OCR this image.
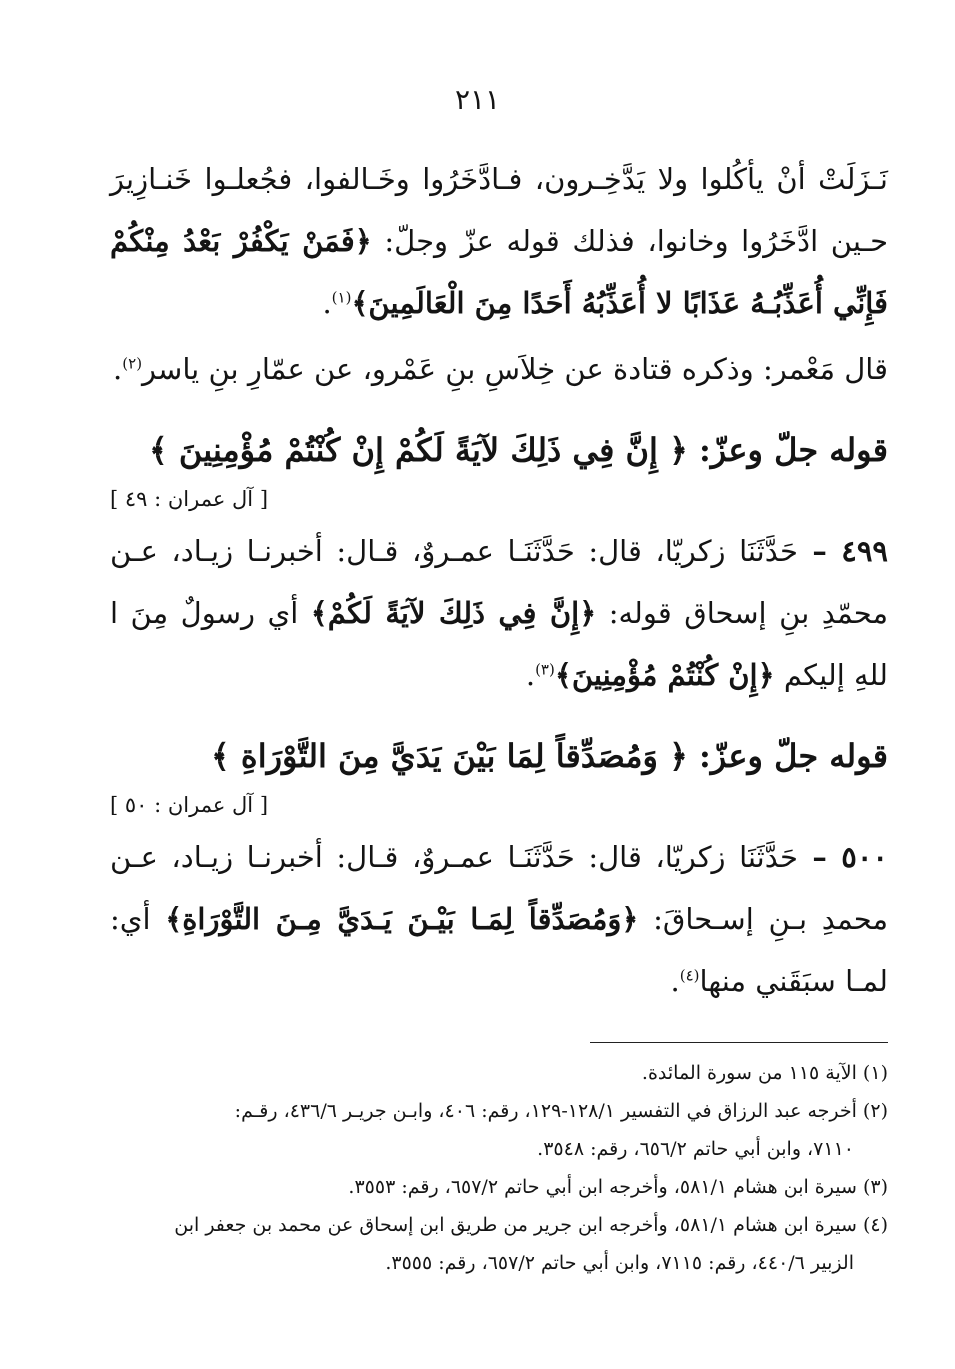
٢١١

نَـزَلَتْ أنْ يأكُلوا ولا يَدَّخِـرون، فـادَّخَرُوا وخَـالفوا، فجُعلـوا خَنـازِيرَ حـين ادَّخَرُوا وخانوا، فذلك قوله عزّ وجلّ: ﴿فَمَنْ يَكْفُرْ بَعْدُ مِنْكُمْ فَإِنِّي أُعَذِّبُـهُ عَذَابًا لا أُعَذِّبُهُ أَحَدًا مِنَ الْعَالَمِينَ﴾$^{(١)}$.

قال مَعْمر: وذكره قتادة عن خِلاَسِ بنِ عَمْرو، عن عمّارِ بنِ ياسر$^{(٢)}$.

قوله جلّ وعزّ: ﴿ إِنَّ فِي ذَلِكَ لآيَةً لَكُمْ إِنْ كُنْتُمْ مُؤْمِنِينَ ﴾
[ آل عمران : ٤٩ ]

٤٩٩ – حَدَّثَنَا زكريّا، قال: حَدَّثَنَـا عمـروٌ، قـال: أخبرنـا زيـاد، عـن محمّدِ بنِ إسحاق قوله: ﴿إِنَّ فِي ذَلِكَ لآيَةً لَكُمْ﴾ أي رسولٌ مِنَ ا للهِ إليكم ﴿إِنْ كُنْتُمْ مُؤْمِنِينَ﴾$^{(٣)}$.

قوله جلّ وعزّ: ﴿ وَمُصَدِّقاً لِمَا بَيْنَ يَدَيَّ مِنَ التَّوْرَاةِ ﴾
[ آل عمران : ٥٠ ]

٥٠٠ – حَدَّثَنَا زكريّا، قال: حَدَّثَنَـا عمـروٌ، قـال: أخبرنـا زيـاد، عـن محمدِ بـنِ إسـحاقَ: ﴿وَمُصَدِّقاً لِمَـا بَيْـنَ يَـدَيَّ مِـنَ التَّوْرَاةِ﴾ أي: لمـا سبَقَني منها$^{(٤)}$.

(١) الآية ١١٥ من سورة المائدة.

(٢) أخرجه عبد الرزاق في التفسير ١٢٨/١-١٢٩، رقم: ٤٠٦، وابـن جريـر ٤٣٦/٦، رقـم:

٧١١٠، وابن أبي حاتم ٦٥٦/٢، رقم: ٣٥٤٨.

(٣) سيرة ابن هشام ٥٨١/١، وأخرجه ابن أبي حاتم ٦٥٧/٢، رقم: ٣٥٥٣.

(٤) سيرة ابن هشام ٥٨١/١، وأخرجه ابن جرير من طريق ابن إسحاق عن محمد بن جعفر ابن

الزبير ٤٤٠/٦، رقم: ٧١١٥، وابن أبي حاتم ٦٥٧/٢، رقم: ٣٥٥٥.
